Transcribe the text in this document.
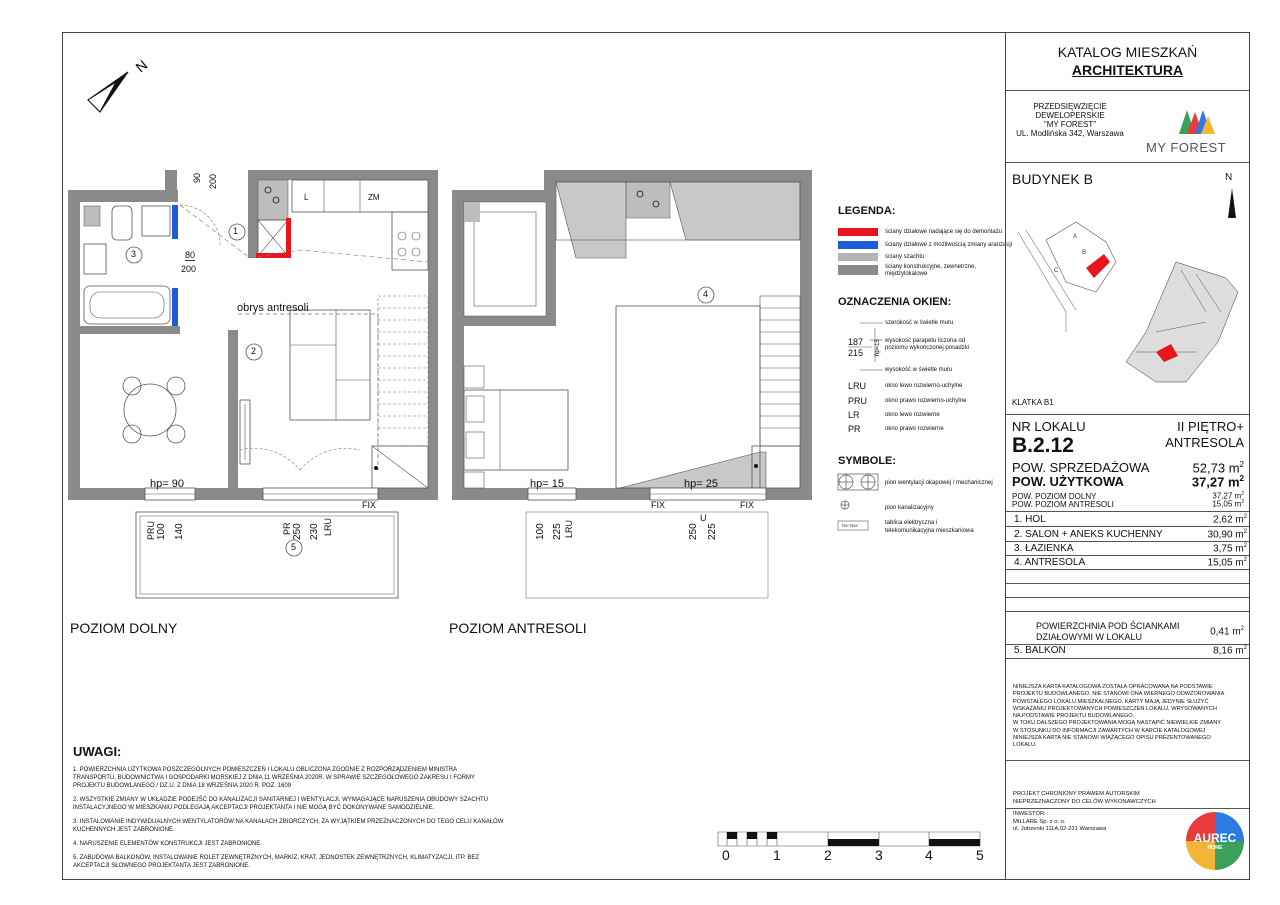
N
1
2
3
4
5
obrys antresoli
L	ZM
90 200
80
200
hp= 90	hp= 15	hp= 25
FIX	FIX	FIX
PRU 100 140	PR 250 230 LRU	100 225 LRU	250
U
225
POZIOM DOLNY	POZIOM ANTRESOLI
LEGENDA:
ściany działowe nadające się do demontażu
ściany działowe z możliwością zmiany aranżacji
ściany szachtu
ściany konstrukcyjne, zewnetrzne,
międzylokalowe
OZNACZENIA OKIEN:
szerokość w świetle muru
wysokość parapetu liczona od
poziomu wykończonej posadzki
wysokość w świetle muru
187
215 hp=15
LRU	okno lewo rozwierno-uchylne
PRU	okno prawo rozwierno-uchylne
LR	okno lewo rozwierne
PR	okno prawo rozwierne
SYMBOLE:
pion wentylacji okapowej / mechanicznej
pion kanalizacyjny
tablica elektryczna i
telekomunikacyjna mieszkaniowa
TM+TEM
0	1	2	3	4	5
UWAGI:
1. POWIERZCHNIA UŻYTKOWA POSZCZEGÓLNYCH POMIESZCZEŃ I LOKALU OBLICZONA ZGODNIE Z ROZPORZĄDZENIEM MINISTRA
TRANSPORTU, BUDOWNICTWA I GOSPODARKI MORSKIEJ Z DNIA 11 WRZEŚNIA 2020R. W SPRAWIE SZCZEGÓŁOWEGO ZAKRESU I FORMY
PROJEKTU BUDOWLANEGO / DZ.U. Z DNIA 18 WRZEŚNIA 2020 R. POZ. 1609
2. WSZYSTKIE ZMIANY W UKŁADZIE PODEJŚĆ DO KANALIZACJI SANITARNEJ I WENTYLACJI, WYMAGAJĄCE NARUSZENIA OBUDOWY SZACHTU
INSTALACYJNEGO W MIESZKANIU PODLEGAJĄ AKCEPTACJI PROJEKTANTA I NIE MOGĄ BYĆ DOKONYWANE SAMODZIELNIE.
3. INSTALOWANIE INDYWIDUALNYCH WENTYLATORÓW NA KANAŁACH ZBIORCZYCH, ZA WYJĄTKIEM PRZEZNACZONYCH DO TEGO CELU KANAŁÓW
KUCHENNYCH JEST ZABRONIONE.
4. NARUSZENIE ELEMENTÓW KONSTRUKCJI JEST ZABRONIONE.
5. ZABUDOWA BALKONÓW, INSTALOWANIE ROLET ZEWNĘTRZNYCH, MARKIZ, KRAT, JEDNOSTEK ZEWNĘTRZNYCH, KLIMATYZACJI, ITP. BEZ
AKCEPTACJI SŁOWNEGO PROJEKTANTA JEST ZABRONIONE.
KATALOG MIESZKAŃ
ARCHITEKTURA
PRZEDSIĘWZIĘCIE
DEWELOPERSKIE
"MY FOREST"
UL. Modlińska 342, Warszawa
MY FOREST
BUDYNEK B	N
A
B
C
KLATKA B1
NR LOKALU
B.2.12
II PIĘTRO+
ANTRESOLA
POW. SPRZEDAŻOWA	52,73 $m^2$
POW. UŻYTKOWA	37,27 $m^2$
POW. POZIOM DOLNY	37,27 $m^2$
POW. POZIOM ANTRESOLI	15,05 $m^2$
1. HOL	2,62 $m^2$
2. SALON + ANEKS KUCHENNY	30,90 $m^2$
3. ŁAZIENKA	3,75 $m^2$
4. ANTRESOLA	15,05 $m^2$
POWIERZCHNIA POD ŚCIANKAMI
DZIAŁOWYMI W LOKALU	0,41 $m^2$
5. BALKON	8,16 $m^2$
NINIEJSZA KARTA KATALOGOWA ZOSTAŁA OPRACOWANA NA PODSTAWIE
PROJEKTU BUDOWLANEGO. NIE STANOWI ONA WIERNEGO ODWZOROWANIA
POWSTAŁEGO LOKALU MIESZKALNEGO. KARTY MAJĄ JEDYNIE SŁUŻYĆ
WSKAZANIU PROJEKTOWANYCH POMIESZCZEŃ LOKALU, WRYSOWANYCH
NA PODSTAWIE PROJEKTU BUDOWLANEGO.
W TOKU DALSZEGO PROJEKTOWANIA MOGĄ NASTĄPIĆ NIEWIELKIE ZMIANY
W STOSUNKU DO INFORMACJI ZAWARTYCH W KARCIE KATALOGOWEJ
NINIEJSZA KARTA NIE STANOWI WIĄŻĄCEGO OPISU PREZENTOWANEGO
LOKALU.
PROJEKT CHRONIONY PRAWEM AUTORSKIM
NIEPRZEZNACZONY DO CELÓW WYKONAWCZYCH
INWESTOR:
MILLARE Sp. z o. o.
ul. Jutrzenki 111A,02-231 Warszawa
AUREC
HOME
